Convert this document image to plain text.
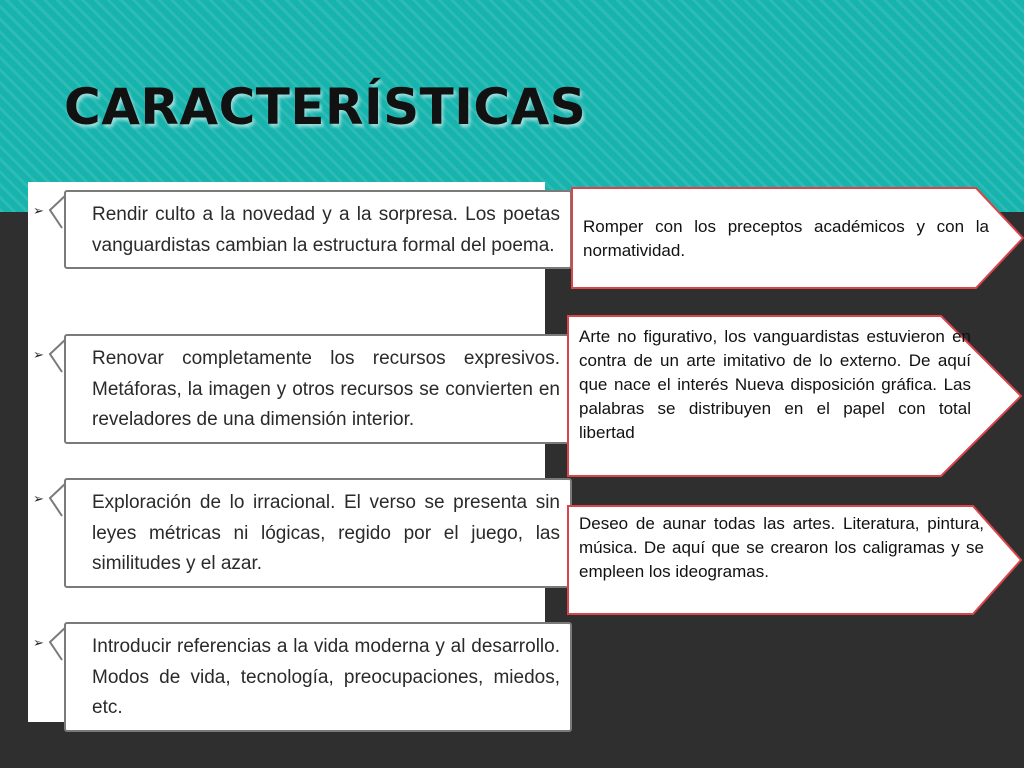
CARACTERÍSTICAS
➢	Rendir culto a la novedad y a la sorpresa. Los poetas vanguardistas cambian la estructura formal del poema.

➢	Renovar completamente los recursos expresivos. Metáforas, la imagen y otros recursos se convierten en reveladores de una dimensión interior.

➢	Exploración de lo irracional. El verso se presenta sin leyes métricas ni lógicas, regido por el juego, las similitudes y el azar.

➢	Introducir referencias a la vida moderna y al desarrollo. Modos de vida, tecnología, preocupaciones, miedos, etc.

Romper con los preceptos académicos y con la normatividad.

Arte no figurativo, los vanguardistas estuvieron en contra de un arte imitativo de lo externo. De aquí que nace el interés Nueva disposición gráfica. Las palabras se distribuyen en el papel con total libertad

Deseo de aunar todas las artes. Literatura, pintura, música. De aquí que se crearon los caligramas y se empleen los ideogramas.
